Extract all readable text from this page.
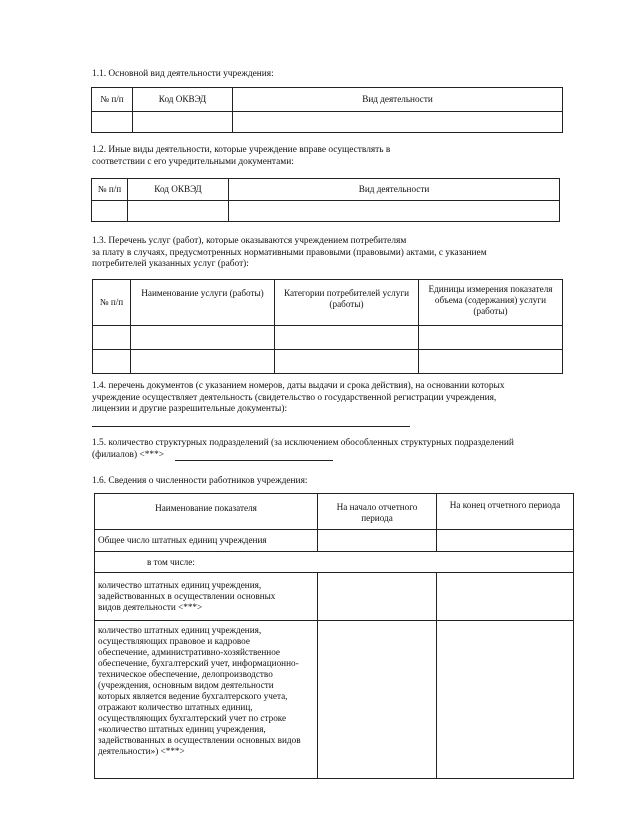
1.1. Основной вид деятельности учреждения:
№ п/п	Код ОКВЭД	Вид деятельности

1.2. Иные виды деятельности, которые учреждение вправе осуществлять в
соответствии с его учредительными документами:
№ п/п	Код ОКВЭД	Вид деятельности

1.3. Перечень услуг (работ), которые оказываются учреждением потребителям
за плату в случаях, предусмотренных нормативными правовыми (правовыми) актами, с указанием
потребителей указанных услуг (работ):
№ п/п	Наименование услуги (работы)	Категории потребителей услуги (работы)	Единицы измерения показателя объема (содержания) услуги (работы)

1.4. перечень документов (с указанием номеров, даты выдачи и срока действия), на основании которых
учреждение осуществляет деятельность (свидетельство о государственной регистрации учреждения,
лицензии и другие разрешительные документы):
1.5. количество структурных подразделений (за исключением обособленных структурных подразделений
(филиалов) <***>
1.6. Сведения о численности работников учреждения:
Наименование показателя	На начало отчетного периода	На конец отчетного периода
Общее число штатных единиц учреждения		
в том числе:		
количество штатных единиц учреждения, задействованных в осуществлении основных видов деятельности <***>		
количество штатных единиц учреждения, осуществляющих правовое и кадровое обеспечение, административно-хозяйственное обеспечение, бухгалтерский учет, информационно-техническое обеспечение, делопроизводство (учреждения, основным видом деятельности которых является ведение бухгалтерского учета, отражают количество штатных единиц, осуществляющих бухгалтерский учет по строке «количество штатных единиц учреждения, задействованных в осуществлении основных видов деятельности») <***>		
